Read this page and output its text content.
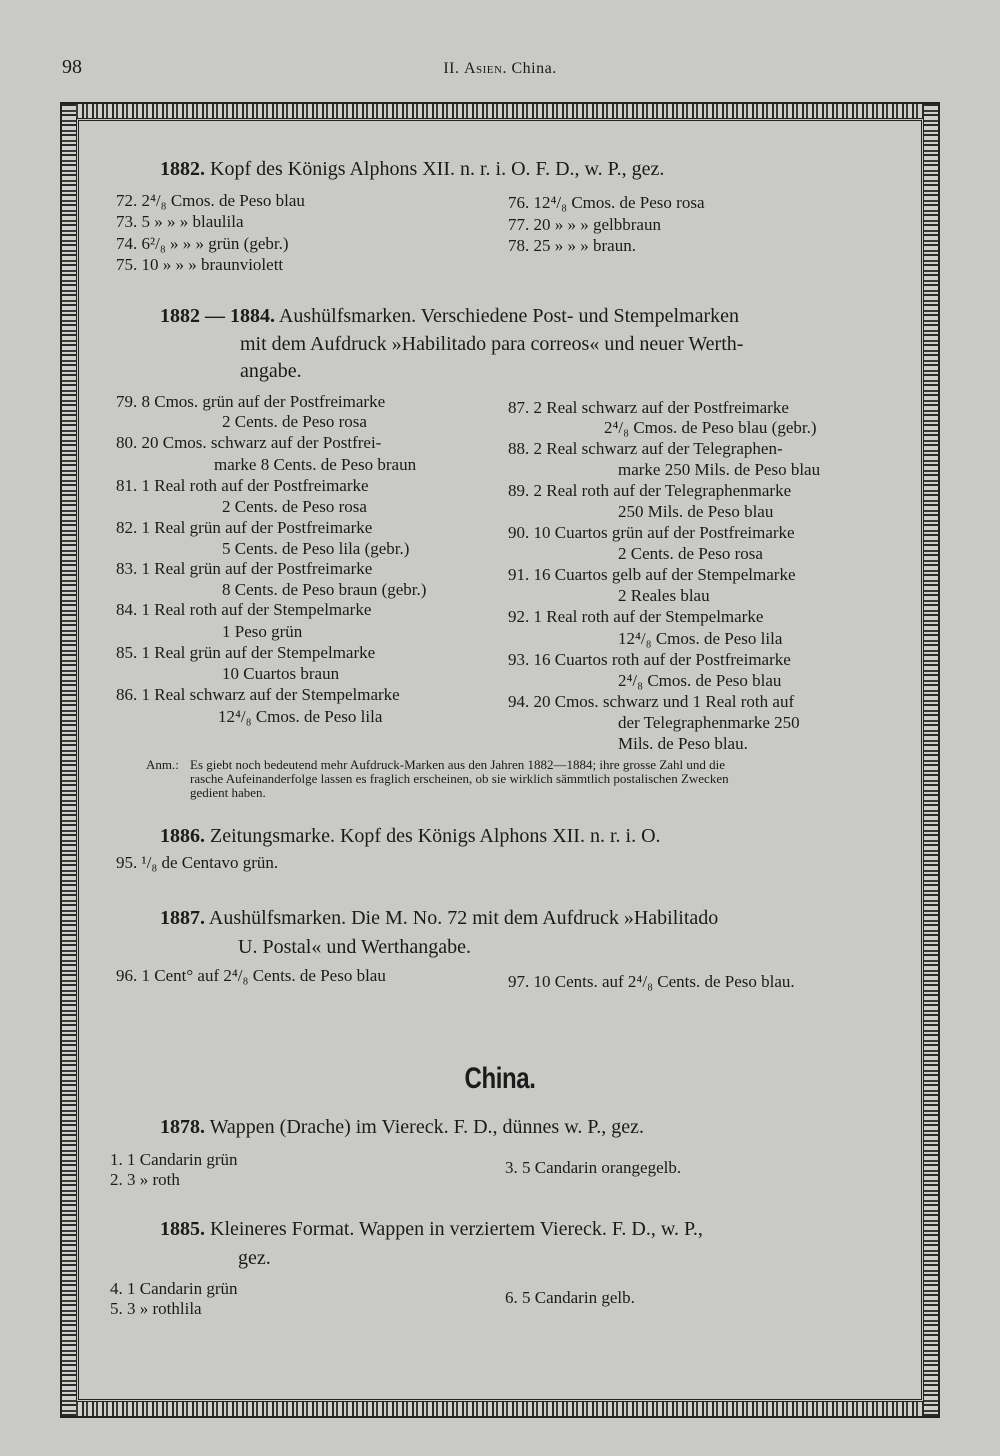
98	II. Asien. China.
1882. Kopf des Königs Alphons XII. n. r. i. O. F. D., w. P., gez.
72. 2⁴/₈ Cmos. de Peso blau
73. 5 » » » blaulila
74. 6²/₈ » » » grün (gebr.)
75. 10 » » » braunviolett
76. 12⁴/₈ Cmos. de Peso rosa
77. 20 » » » gelbbraun
78. 25 » » » braun.
1882 — 1884. Aushülfsmarken. Verschiedene Post- und Stempelmarken
mit dem Aufdruck »Habilitado para correos« und neuer Werth-
angabe.
79. 8 Cmos. grün auf der Postfreimarke
2 Cents. de Peso rosa
80. 20 Cmos. schwarz auf der Postfrei-
marke 8 Cents. de Peso braun
81. 1 Real roth auf der Postfreimarke
2 Cents. de Peso rosa
82. 1 Real grün auf der Postfreimarke
5 Cents. de Peso lila (gebr.)
83. 1 Real grün auf der Postfreimarke
8 Cents. de Peso braun (gebr.)
84. 1 Real roth auf der Stempelmarke
1 Peso grün
85. 1 Real grün auf der Stempelmarke
10 Cuartos braun
86. 1 Real schwarz auf der Stempelmarke
12⁴/₈ Cmos. de Peso lila
87. 2 Real schwarz auf der Postfreimarke
2⁴/₈ Cmos. de Peso blau (gebr.)
88. 2 Real schwarz auf der Telegraphen-
marke 250 Mils. de Peso blau
89. 2 Real roth auf der Telegraphenmarke
250 Mils. de Peso blau
90. 10 Cuartos grün auf der Postfreimarke
2 Cents. de Peso rosa
91. 16 Cuartos gelb auf der Stempelmarke
2 Reales blau
92. 1 Real roth auf der Stempelmarke
12⁴/₈ Cmos. de Peso lila
93. 16 Cuartos roth auf der Postfreimarke
2⁴/₈ Cmos. de Peso blau
94. 20 Cmos. schwarz und 1 Real roth auf
der Telegraphenmarke 250
Mils. de Peso blau.
Anm.: Es giebt noch bedeutend mehr Aufdruck-Marken aus den Jahren 1882—1884; ihre grosse Zahl und die
rasche Aufeinanderfolge lassen es fraglich erscheinen, ob sie wirklich sämmtlich postalischen Zwecken
gedient haben.
1886. Zeitungsmarke. Kopf des Königs Alphons XII. n. r. i. O.
95. ¹/₈ de Centavo grün.
1887. Aushülfsmarken. Die M. No. 72 mit dem Aufdruck »Habilitado
U. Postal« und Werthangabe.
96. 1 Cent° auf 2⁴/₈ Cents. de Peso blau	97. 10 Cents. auf 2⁴/₈ Cents. de Peso blau.
China.
1878. Wappen (Drache) im Viereck. F. D., dünnes w. P., gez.
1. 1 Candarin grün
2. 3 » roth
3. 5 Candarin orangegelb.
1885. Kleineres Format. Wappen in verziertem Viereck. F. D., w. P.,
gez.
4. 1 Candarin grün
5. 3 » rothlila
6. 5 Candarin gelb.
